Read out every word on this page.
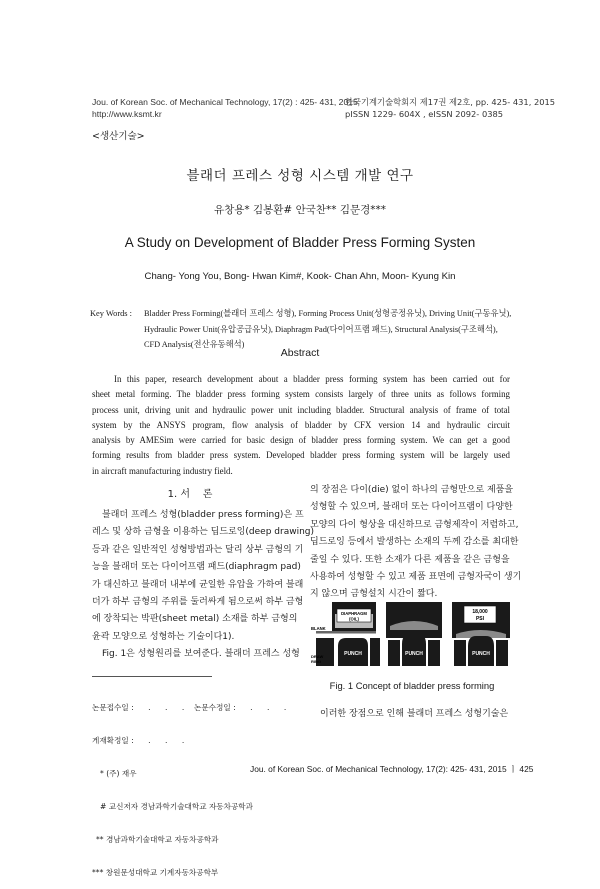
Jou. of Korean Soc. of Mechanical Technology, 17(2) : 425- 431, 2015
http://www.ksmt.kr
한국기계기술학회지 제17권 제2호, pp. 425- 431, 2015
pISSN 1229- 604X , eISSN 2092- 0385
<생산기술>
블래더 프레스 성형 시스템 개발 연구
유창용* 김봉환# 안국찬** 김문경***
A Study on Development of Bladder Press Forming Systen
Chang- Yong You, Bong- Hwan Kim#, Kook- Chan Ahn, Moon- Kyung Kin
Key Words : Bladder Press Forming(블래더 프레스 성형), Forming Process Unit(성형공정유닛), Driving Unit(구동유닛),
Hydraulic Power Unit(유압공급유닛), Diaphragm Pad(다이어프램 패드), Structural Analysis(구조해석),
CFD Analysis(전산유동해석)
Abstract
In this paper, research development about a bladder press forming system has been carried out for
sheet metal forming. The bladder press forming system consists largely of three units as follows forming
process unit, driving unit and hydraulic power unit including bladder. Structural analysis of frame of total
system by the ANSYS program, flow analysis of bladder by CFX version 14 and hydraulic circuit
analysis by AMESim were carried for basic design of bladder press forming system. We can get a good
forming results from bladder press system. Developed bladder press forming system will be largely used
in aircraft manufacturing industry field.
1. 서    론
블래더 프레스 성형(bladder press forming)은 프
레스 및 상하 금형을 이용하는 딥드로잉(deep drawing)
등과 같은 일반적인 성형방법과는 달리 상부 금형의 기
능을 블래더 또는 다이어프램 패드(diaphragm pad)
가 대신하고 블래더 내부에 균일한 유압을 가하여 블래
더가 하부 금형의 주위를 둘러싸게 됨으로써 하부 금형
에 장착되는 박판(sheet metal) 소재를 하부 금형의
윤곽 모양으로 성형하는 기술이다1).
Fig. 1은 성형원리를 보여준다. 블래더 프레스 성형

논문접수일 :      .      .      . 논문수정일 :      .      .      .

게재확정일 :      .      .      .

* (주) 재우

# 교신저자 경남과학기술대학교 자동차공학과

** 경남과학기술대학교 자동차공학과

*** 창원문성대학교 기계자동차공학부

의 장점은 다이(die) 없이 하나의 금형만으로 제품을
성형할 수 있으며, 블래더 또는 다이어프램이 다양한
모양의 다이 형상을 대신하므로 금형제작이 저렴하고,
딥드로잉 등에서 발생하는 소재의 두께 감소를 최대한
줄일 수 있다. 또한 소재가 다른 제품을 같은 금형을
사용하여 성형할 수 있고 제품 표면에 금형자국이 생기
지 않으며 금형설치 시간이 짧다.
DIAPHRAGM
(OIL)
PUNCH
BLANK
DRAW
RING
PUNCH
18,000
PSI
PUNCH
Fig. 1 Concept of bladder press forming
이러한 장점으로 인해 블래더 프레스 성형기술은
Jou. of Korean Soc. of Mechanical Technology, 17(2): 425- 431, 2015 ㅣ 425
